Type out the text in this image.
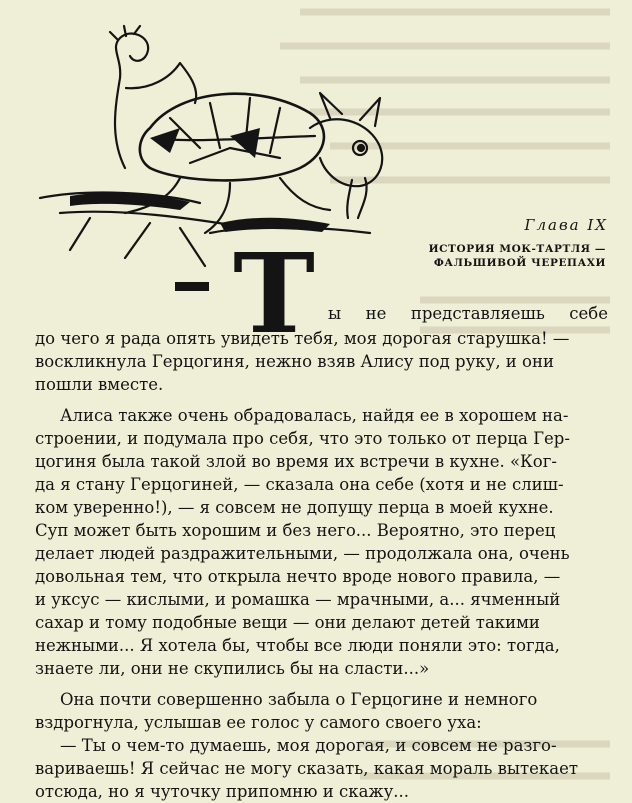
Глава IX
ИСТОРИЯ МОК-ТАРТЛЯ —
ФАЛЬШИВОЙ ЧЕРЕПАХИ
Т ы не представляешь себе
до чего я рада опять увидеть тебя, моя дорогая старушка! —
воскликнула Герцогиня, нежно взяв Алису под руку, и они
пошли вместе.
Алиса также очень обрадовалась, найдя ее в хорошем на-
строении, и подумала про себя, что это только от перца Гер-
цогиня была такой злой во время их встречи в кухне. «Ког-
да я стану Герцогиней, — сказала она себе (хотя и не слиш-
ком уверенно!), — я совсем не допущу перца в моей кухне.
Суп может быть хорошим и без него... Вероятно, это перец
делает людей раздражительными, — продолжала она, очень
довольная тем, что открыла нечто вроде нового правила, —
и уксус — кислыми, и ромашка — мрачными, а... ячменный
сахар и тому подобные вещи — они делают детей такими
нежными... Я хотела бы, чтобы все люди поняли это: тогда,
знаете ли, они не скупились бы на сласти...»
Она почти совершенно забыла о Герцогине и немного
вздрогнула, услышав ее голос у самого своего уха:
— Ты о чем-то думаешь, моя дорогая, и совсем не разго-
вариваешь! Я сейчас не могу сказать, какая мораль вытекает
отсюда, но я чуточку припомню и скажу...
